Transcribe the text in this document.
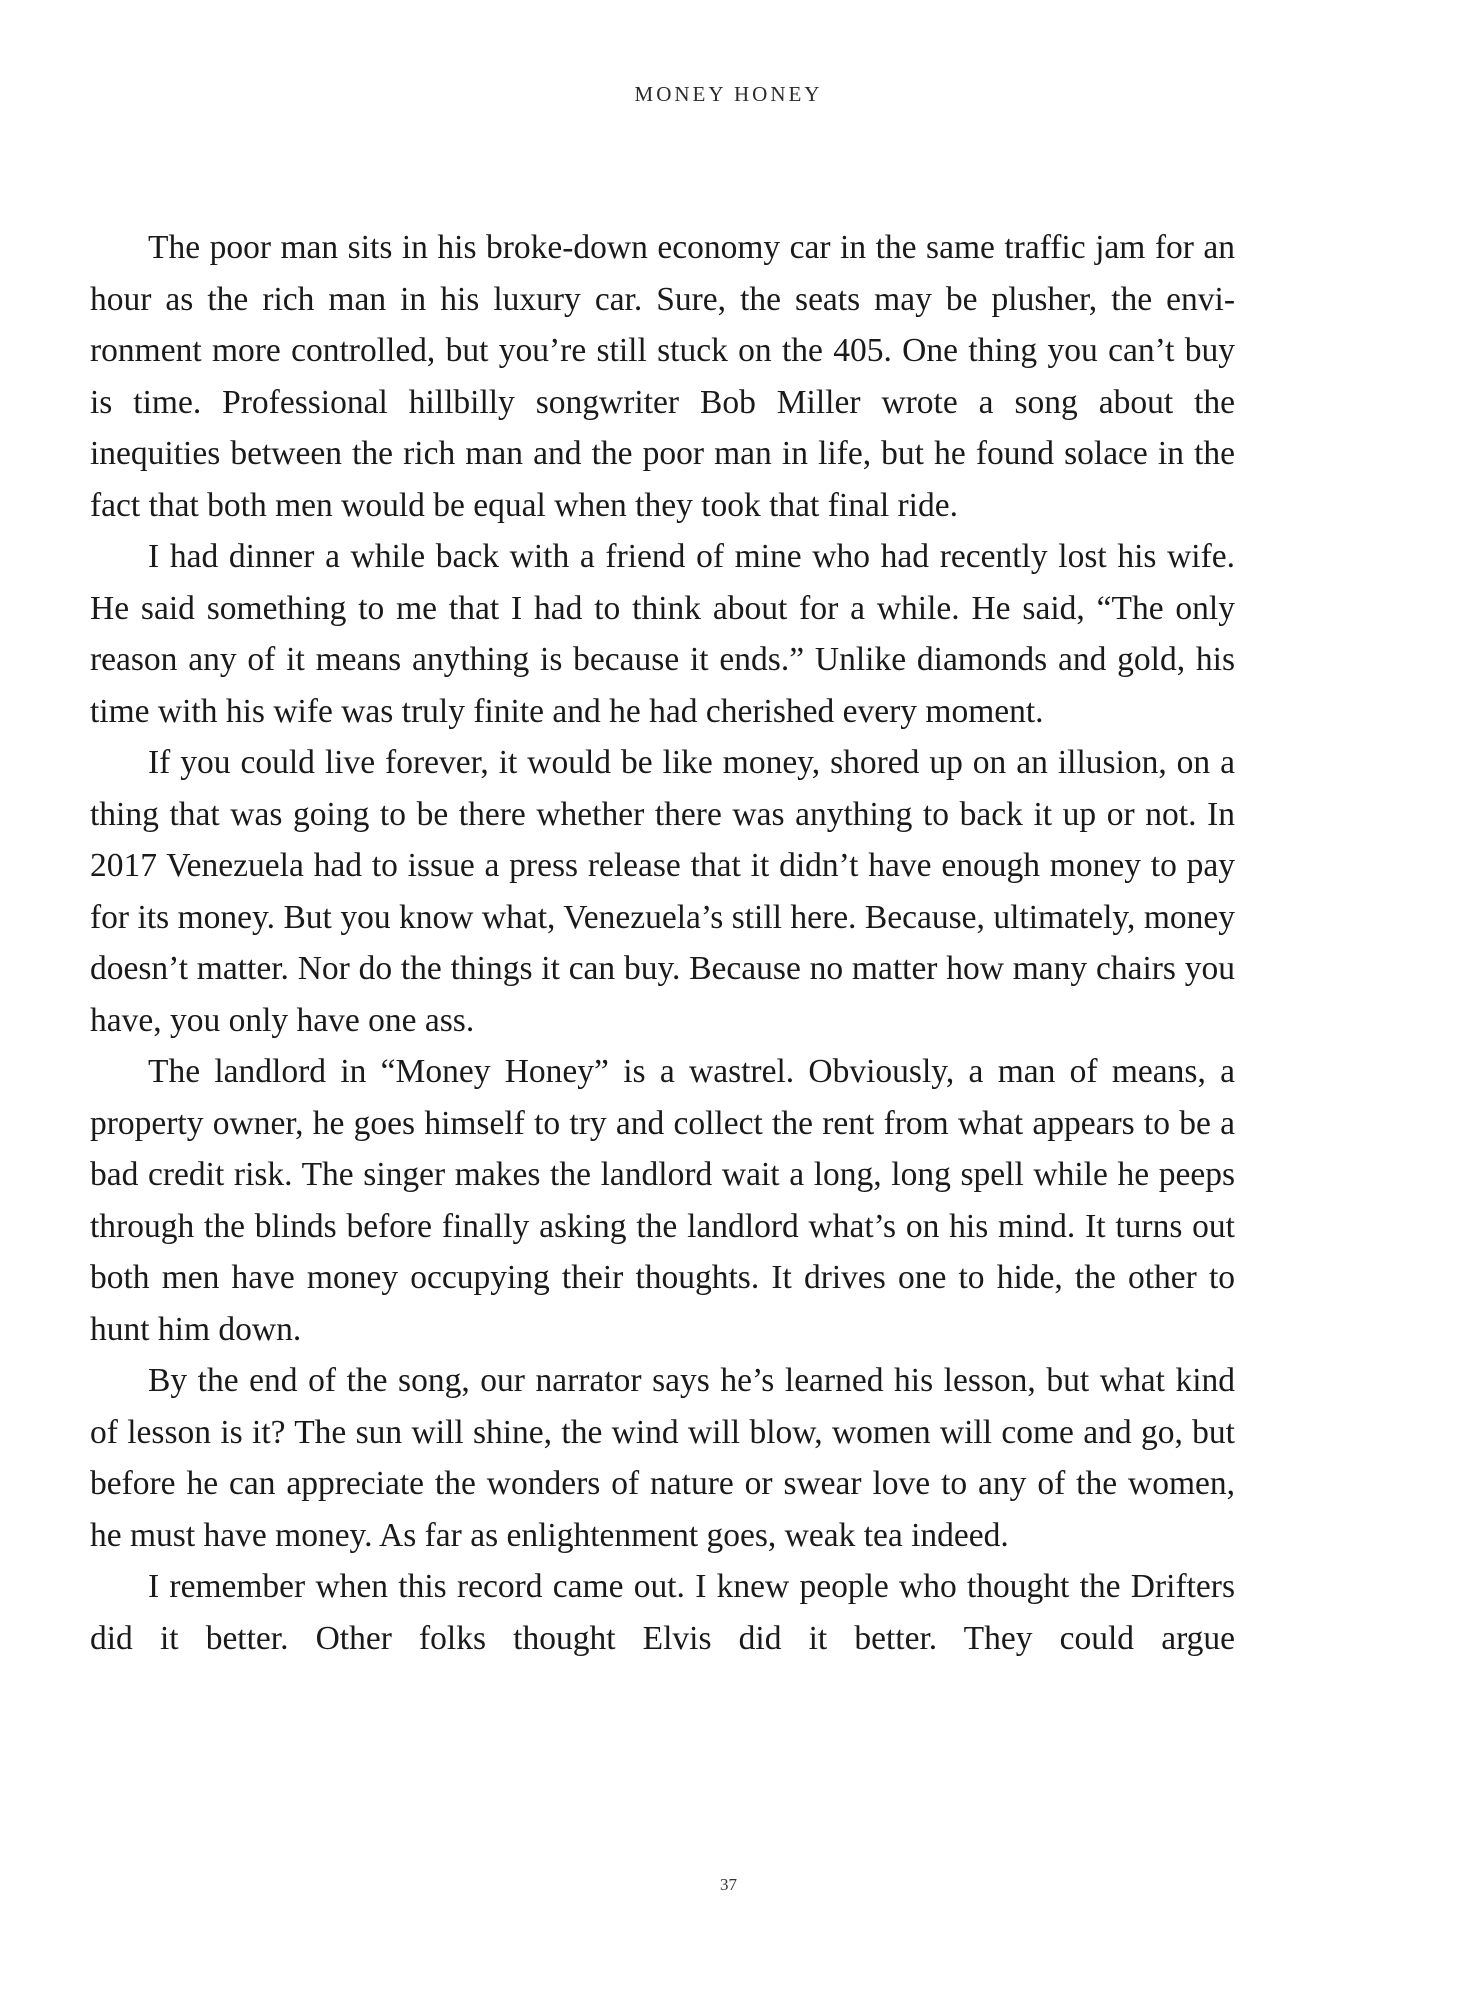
MONEY HONEY

The poor man sits in his broke-down economy car in the same traffic jam for an hour as the rich man in his luxury car. Sure, the seats may be plusher, the environment more controlled, but you’re still stuck on the 405. One thing you can’t buy is time. Professional hillbilly songwriter Bob Miller wrote a song about the inequities between the rich man and the poor man in life, but he found solace in the fact that both men would be equal when they took that final ride.

I had dinner a while back with a friend of mine who had recently lost his wife. He said something to me that I had to think about for a while. He said, “The only reason any of it means anything is because it ends.” Unlike diamonds and gold, his time with his wife was truly finite and he had cherished every moment.

If you could live forever, it would be like money, shored up on an illusion, on a thing that was going to be there whether there was anything to back it up or not. In 2017 Venezuela had to issue a press release that it didn’t have enough money to pay for its money. But you know what, Venezuela’s still here. Because, ultimately, money doesn’t matter. Nor do the things it can buy. Because no matter how many chairs you have, you only have one ass.

The landlord in “Money Honey” is a wastrel. Obviously, a man of means, a property owner, he goes himself to try and collect the rent from what appears to be a bad credit risk. The singer makes the landlord wait a long, long spell while he peeps through the blinds before finally asking the landlord what’s on his mind. It turns out both men have money occupying their thoughts. It drives one to hide, the other to hunt him down.

By the end of the song, our narrator says he’s learned his lesson, but what kind of lesson is it? The sun will shine, the wind will blow, women will come and go, but before he can appreciate the wonders of nature or swear love to any of the women, he must have money. As far as enlightenment goes, weak tea indeed.

I remember when this record came out. I knew people who thought the Drifters did it better. Other folks thought Elvis did it better. They could argue

37
